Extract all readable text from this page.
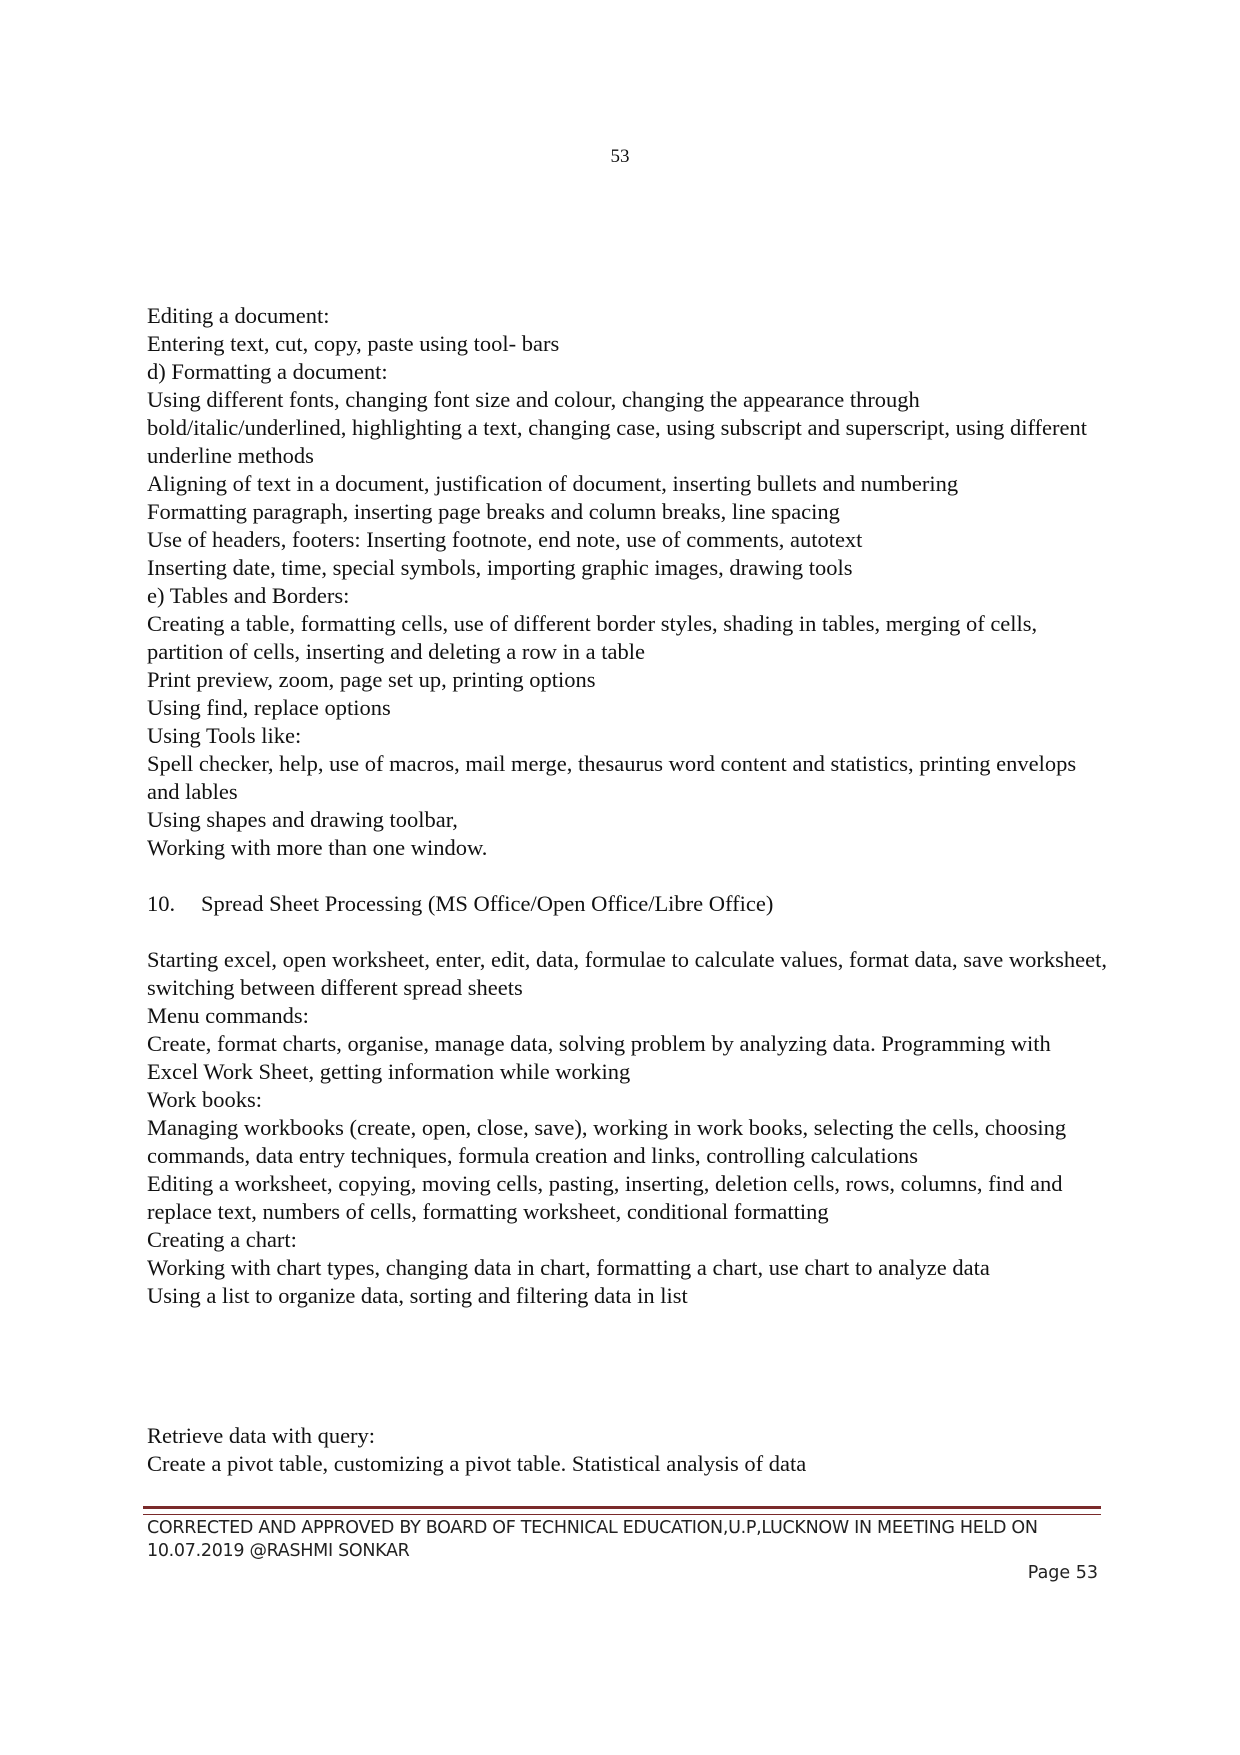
53
Editing a document:
Entering text, cut, copy, paste using tool- bars
d) Formatting a document:
Using different fonts, changing font size and colour, changing the appearance through bold/italic/underlined, highlighting a text, changing case, using subscript and superscript, using different underline methods
Aligning of text in a document, justification of document, inserting bullets and numbering
Formatting paragraph, inserting page breaks and column breaks, line spacing
Use of headers, footers: Inserting footnote, end note, use of comments, autotext
Inserting date, time, special symbols, importing graphic images, drawing tools
e) Tables and Borders:
Creating a table, formatting cells, use of different border styles, shading in tables, merging of cells, partition of cells, inserting and deleting a row in a table
Print preview, zoom, page set up, printing options
Using find, replace options
Using Tools like:
Spell checker, help, use of macros, mail merge, thesaurus word content and statistics, printing envelops and lables
Using shapes and drawing toolbar,
Working with more than one window.
10.	Spread Sheet Processing (MS Office/Open Office/Libre Office)
Starting excel, open worksheet, enter, edit, data, formulae to calculate values, format data, save worksheet, switching between different spread sheets
Menu commands:
Create, format charts, organise, manage data, solving problem by analyzing data. Programming with Excel Work Sheet, getting information while working
Work books:
Managing workbooks (create, open, close, save), working in work books, selecting the cells, choosing commands, data entry techniques, formula creation and links, controlling calculations
Editing a worksheet, copying, moving cells, pasting, inserting, deletion cells, rows, columns, find and replace text, numbers of cells, formatting worksheet, conditional formatting
Creating a chart:
Working with chart types, changing data in chart, formatting a chart, use chart to analyze data
Using a list to organize data, sorting and filtering data in list
Retrieve data with query:
Create a pivot table, customizing a pivot table. Statistical analysis of data
CORRECTED AND APPROVED BY BOARD OF TECHNICAL EDUCATION,U.P,LUCKNOW IN MEETING HELD ON 10.07.2019 @RASHMI SONKAR
Page 53
